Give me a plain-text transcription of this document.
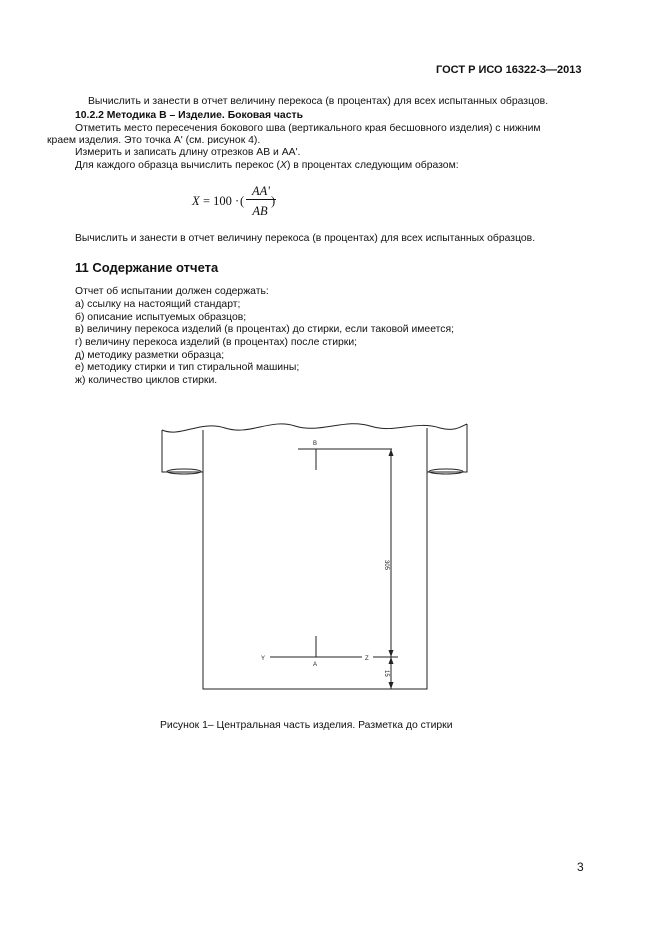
ГОСТ Р ИСО 16322-3—2013
Вычислить и занести в отчет величину перекоса (в процентах) для всех испытанных образцов.
10.2.2 Методика В – Изделие. Боковая часть
Отметить место пересечения бокового шва (вертикального края бесшовного изделия) с нижним
краем изделия. Это точка А' (см. рисунок 4).
Измерить и записать длину отрезков АВ и АА'.
Для каждого образца вычислить перекос (X) в процентах следующим образом:
X = 100 · (
AA'
AB
)
Вычислить и занести в отчет величину перекоса (в процентах) для всех испытанных образцов.
11 Содержание отчета
Отчет об испытании должен содержать:
а) ссылку на настоящий стандарт;
б) описание испытуемых образцов;
в) величину перекоса изделий (в процентах) до стирки, если таковой имеется;
г) величину перекоса изделий (в процентах) после стирки;
д) методику разметки образца;
е) методику стирки и тип стиральной машины;
ж) количество циклов стирки.
B
A
Y	Z
305
15
Рисунок 1– Центральная часть изделия. Разметка до стирки
3
